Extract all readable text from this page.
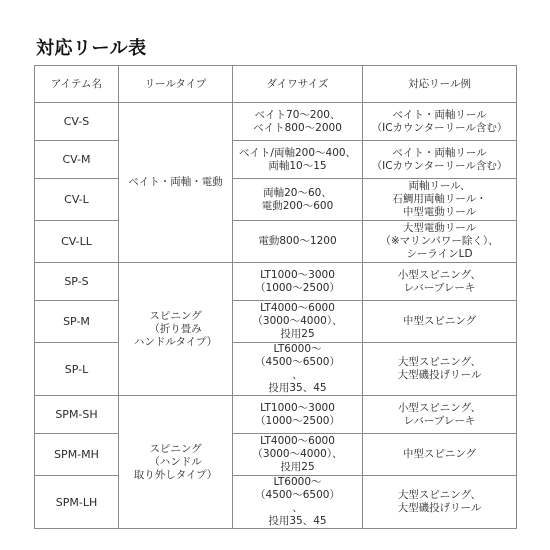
対応リール表
アイテム名	リールタイプ	ダイワサイズ	対応リール例
CV-S	ベイト・両軸・電動	ベイト70〜200、
ベイト800〜2000	ベイト・両軸リール
（ICカウンターリール含む）

CV-M		ベイト/両軸200〜400、
両軸10〜15	ベイト・両軸リール
（ICカウンターリール含む）

CV-L		両軸20〜60、
電動200〜600	両軸リール、
石鯛用両軸リール・
中型電動リール

CV-LL		電動800〜1200	大型電動リール
（※マリンパワー除く）、
シーラインLD

SP-S	スピニング
（折り畳み
ハンドルタイプ）	LT1000〜3000
（1000〜2500）	小型スピニング、
レバーブレーキ

SP-M		LT4000〜6000
（3000〜4000）、
投用25	中型スピニング

SP-L		LT6000〜
（4500〜6500）
、
投用35、45	大型スピニング、
大型磯投げリール

SPM-SH	スピニング
（ハンドル
取り外しタイプ）	LT1000〜3000
（1000〜2500）	小型スピニング、
レバーブレーキ

SPM-MH		LT4000〜6000
（3000〜4000）、
投用25	中型スピニング

SPM-LH		LT6000〜
（4500〜6500）
、
投用35、45	大型スピニング、
大型磯投げリール
